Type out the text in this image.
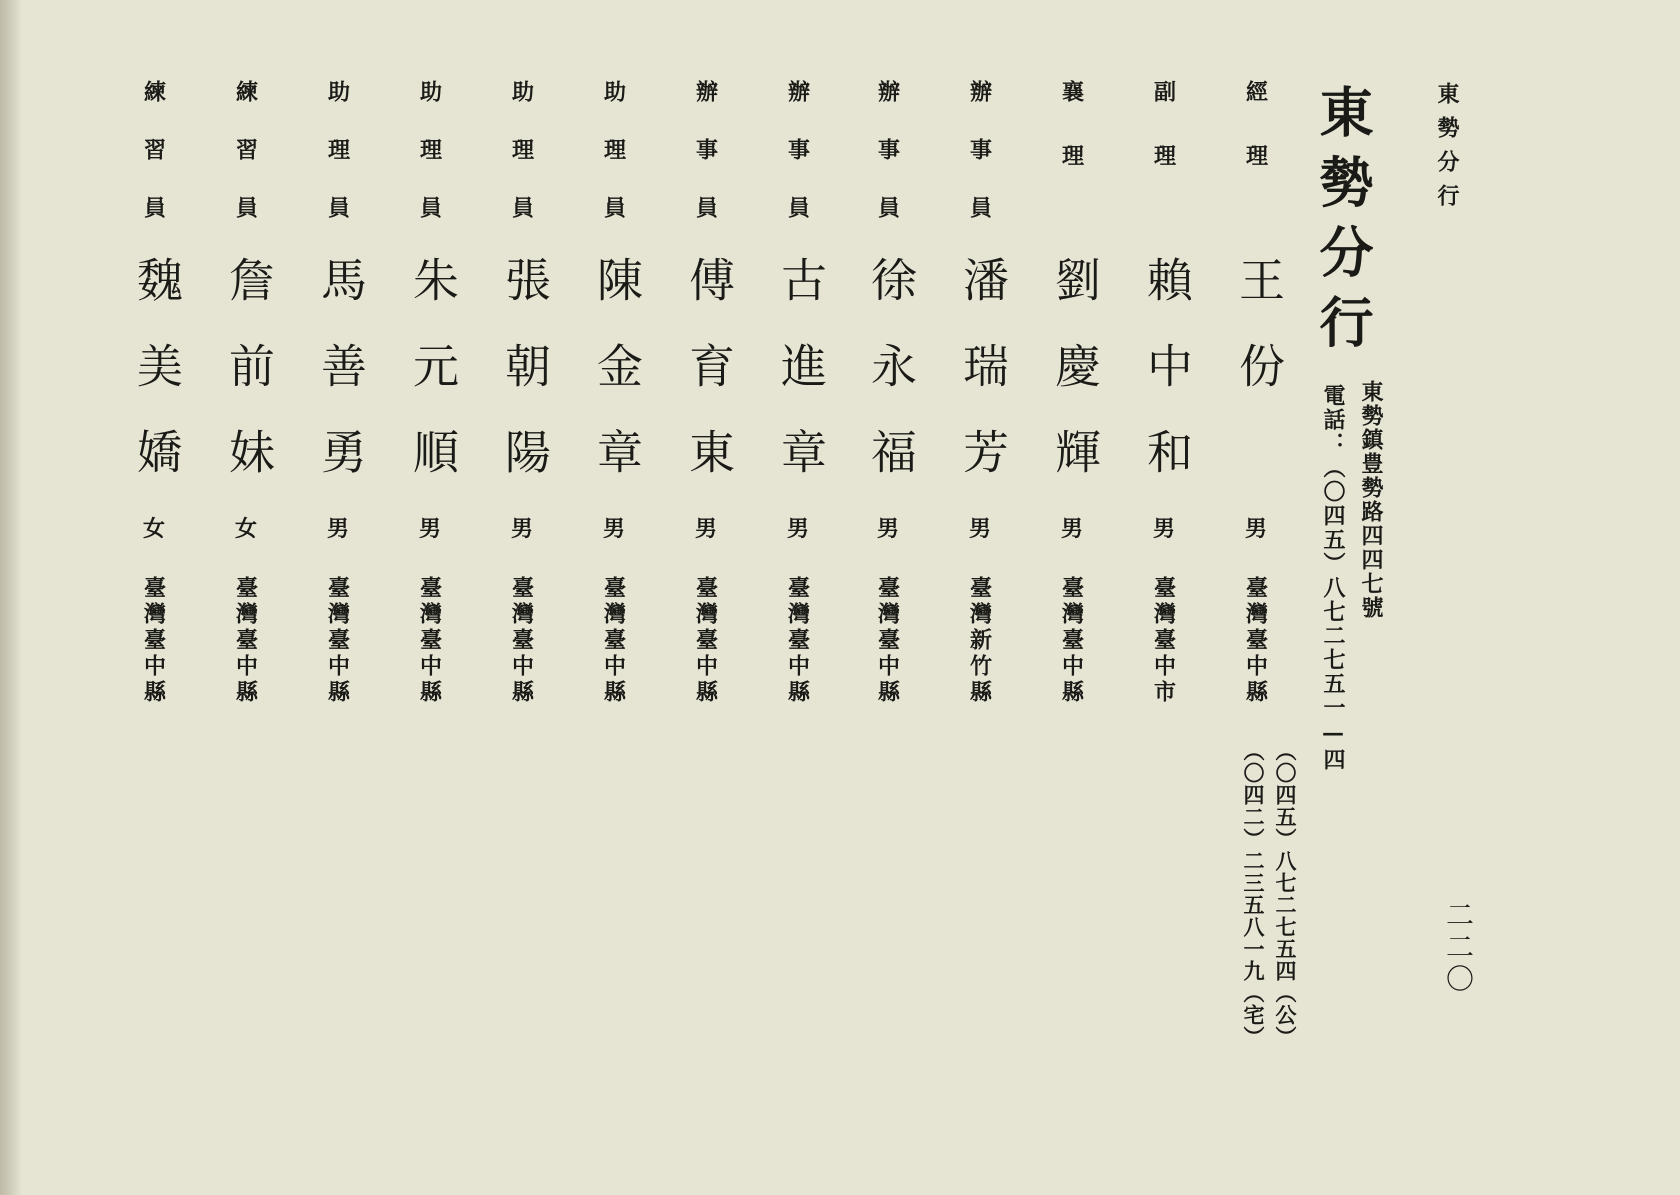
東勢分行
二二〇
東勢分行
東勢鎮豊勢路四四七號
電話：（〇四五）八七二七五一—四
經理
王份
男
臺灣臺中縣
（〇四五）八七二七五四（公）
（〇四二）二三五八一九（宅）
副理
賴中和
男
臺灣臺中市
襄理
劉慶輝
男
臺灣臺中縣
辦事員
潘瑞芳
男
臺灣新竹縣
辦事員
徐永福
男
臺灣臺中縣
辦事員
古進章
男
臺灣臺中縣
辦事員
傅育東
男
臺灣臺中縣
助理員
陳金章
男
臺灣臺中縣
助理員
張朝陽
男
臺灣臺中縣
助理員
朱元順
男
臺灣臺中縣
助理員
馬善勇
男
臺灣臺中縣
練習員
詹前妹
女
臺灣臺中縣
練習員
魏美嬌
女
臺灣臺中縣
